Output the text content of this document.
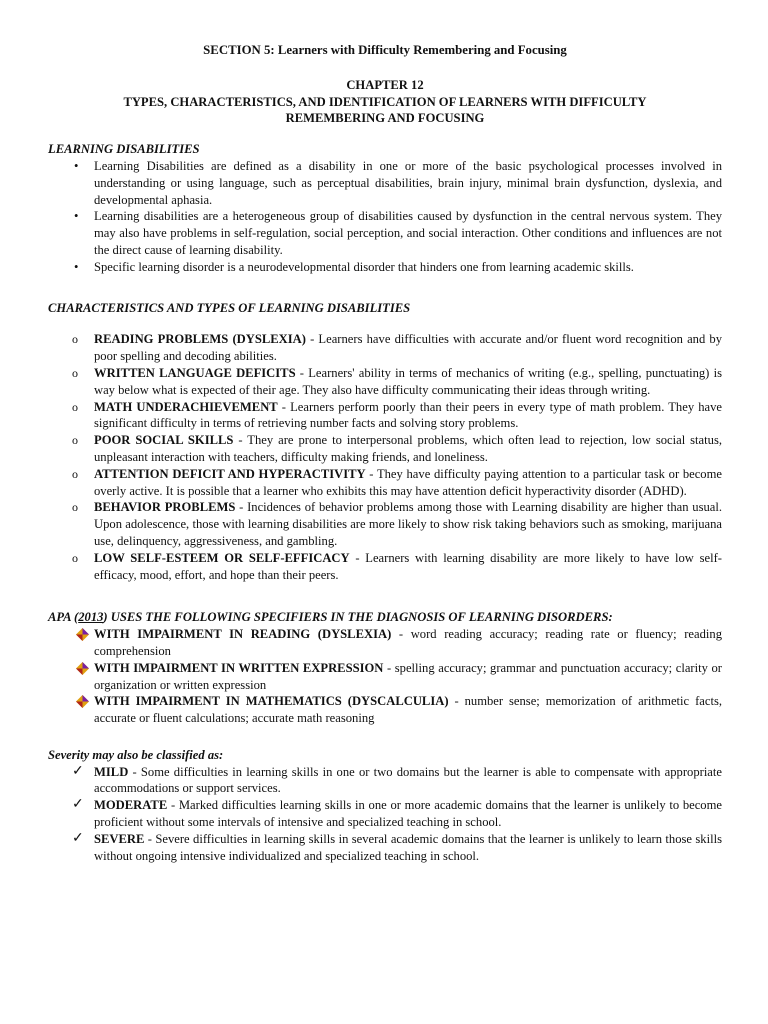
SECTION 5: Learners with Difficulty Remembering and Focusing

CHAPTER 12

TYPES, CHARACTERISTICS, AND IDENTIFICATION OF LEARNERS WITH DIFFICULTY

REMEMBERING AND FOCUSING

LEARNING DISABILITIES

• Learning Disabilities are defined as a disability in one or more of the basic psychological processes involved in understanding or using language, such as perceptual disabilities, brain injury, minimal brain dysfunction, dyslexia, and developmental aphasia.
• Learning disabilities are a heterogeneous group of disabilities caused by dysfunction in the central nervous system. They may also have problems in self-regulation, social perception, and social interaction. Other conditions and influences are not the direct cause of learning disability.
• Specific learning disorder is a neurodevelopmental disorder that hinders one from learning academic skills.

CHARACTERISTICS AND TYPES OF LEARNING DISABILITIES

o READING PROBLEMS (DYSLEXIA) - Learners have difficulties with accurate and/or fluent word recognition and by poor spelling and decoding abilities.
o WRITTEN LANGUAGE DEFICITS - Learners' ability in terms of mechanics of writing (e.g., spelling, punctuating) is way below what is expected of their age. They also have difficulty communicating their ideas through writing.
o MATH UNDERACHIEVEMENT - Learners perform poorly than their peers in every type of math problem. They have significant difficulty in terms of retrieving number facts and solving story problems.
o POOR SOCIAL SKILLS - They are prone to interpersonal problems, which often lead to rejection, low social status, unpleasant interaction with teachers, difficulty making friends, and loneliness.
o ATTENTION DEFICIT AND HYPERACTIVITY - They have difficulty paying attention to a particular task or become overly active. It is possible that a learner who exhibits this may have attention deficit hyperactivity disorder (ADHD).
o BEHAVIOR PROBLEMS - Incidences of behavior problems among those with Learning disability are higher than usual. Upon adolescence, those with learning disabilities are more likely to show risk taking behaviors such as smoking, marijuana use, delinquency, aggressiveness, and gambling.
o LOW SELF-ESTEEM OR SELF-EFFICACY - Learners with learning disability are more likely to have low self- efficacy, mood, effort, and hope than their peers.

APA (2013) USES THE FOLLOWING SPECIFIERS IN THE DIAGNOSIS OF LEARNING DISORDERS:

WITH IMPAIRMENT IN READING (DYSLEXIA) - word reading accuracy; reading rate or fluency; reading comprehension
WITH IMPAIRMENT IN WRITTEN EXPRESSION - spelling accuracy; grammar and punctuation accuracy; clarity or organization or written expression
WITH IMPAIRMENT IN MATHEMATICS (DYSCALCULIA) - number sense; memorization of arithmetic facts, accurate or fluent calculations; accurate math reasoning

Severity may also be classified as:

✓ MILD - Some difficulties in learning skills in one or two domains but the learner is able to compensate with appropriate accommodations or support services.
✓ MODERATE - Marked difficulties learning skills in one or more academic domains that the learner is unlikely to become proficient without some intervals of intensive and specialized teaching in school.
✓ SEVERE - Severe difficulties in learning skills in several academic domains that the learner is unlikely to learn those skills without ongoing intensive individualized and specialized teaching in school.
